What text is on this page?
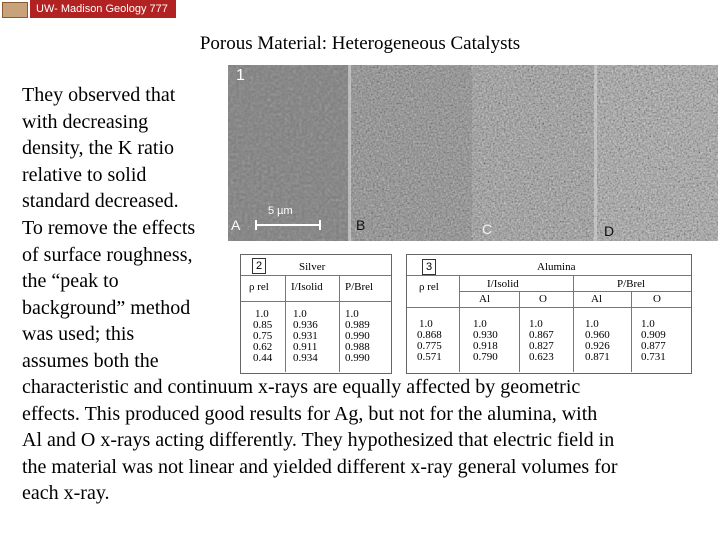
UW- Madison Geology 777
Porous Material: Heterogeneous Catalysts
They observed that
with decreasing
density, the K ratio
relative to solid
standard decreased.
To remove the effects
of surface roughness,
the “peak to
background” method
was used; this
assumes both the
1
A	B	C	D
5 µm
2	Silver
ρ rel I/Isolid P/Brel
1.0 1.0	1.0
0.85 0.936 0.989
0.75 0.931 0.990
0.62 0.911	0.988
0.44 0.934 0.990
3	Alumina
ρ rel	I/Isolid	P/Brel
Al	O	Al	O
1.0	1.0	1.0	1.0	1.0
0.868	0.930	0.867	0.960	0.909
0.775	0.918	0.827	0.926	0.877
0.571	0.790	0.623	0.871	0.731
characteristic and continuum x-rays are equally affected by geometric
effects. This produced good results for Ag, but not for the alumina, with
Al and O x-rays acting differently. They hypothesized that electric field in
the material was not linear and yielded different x-ray general volumes for
each x-ray.
